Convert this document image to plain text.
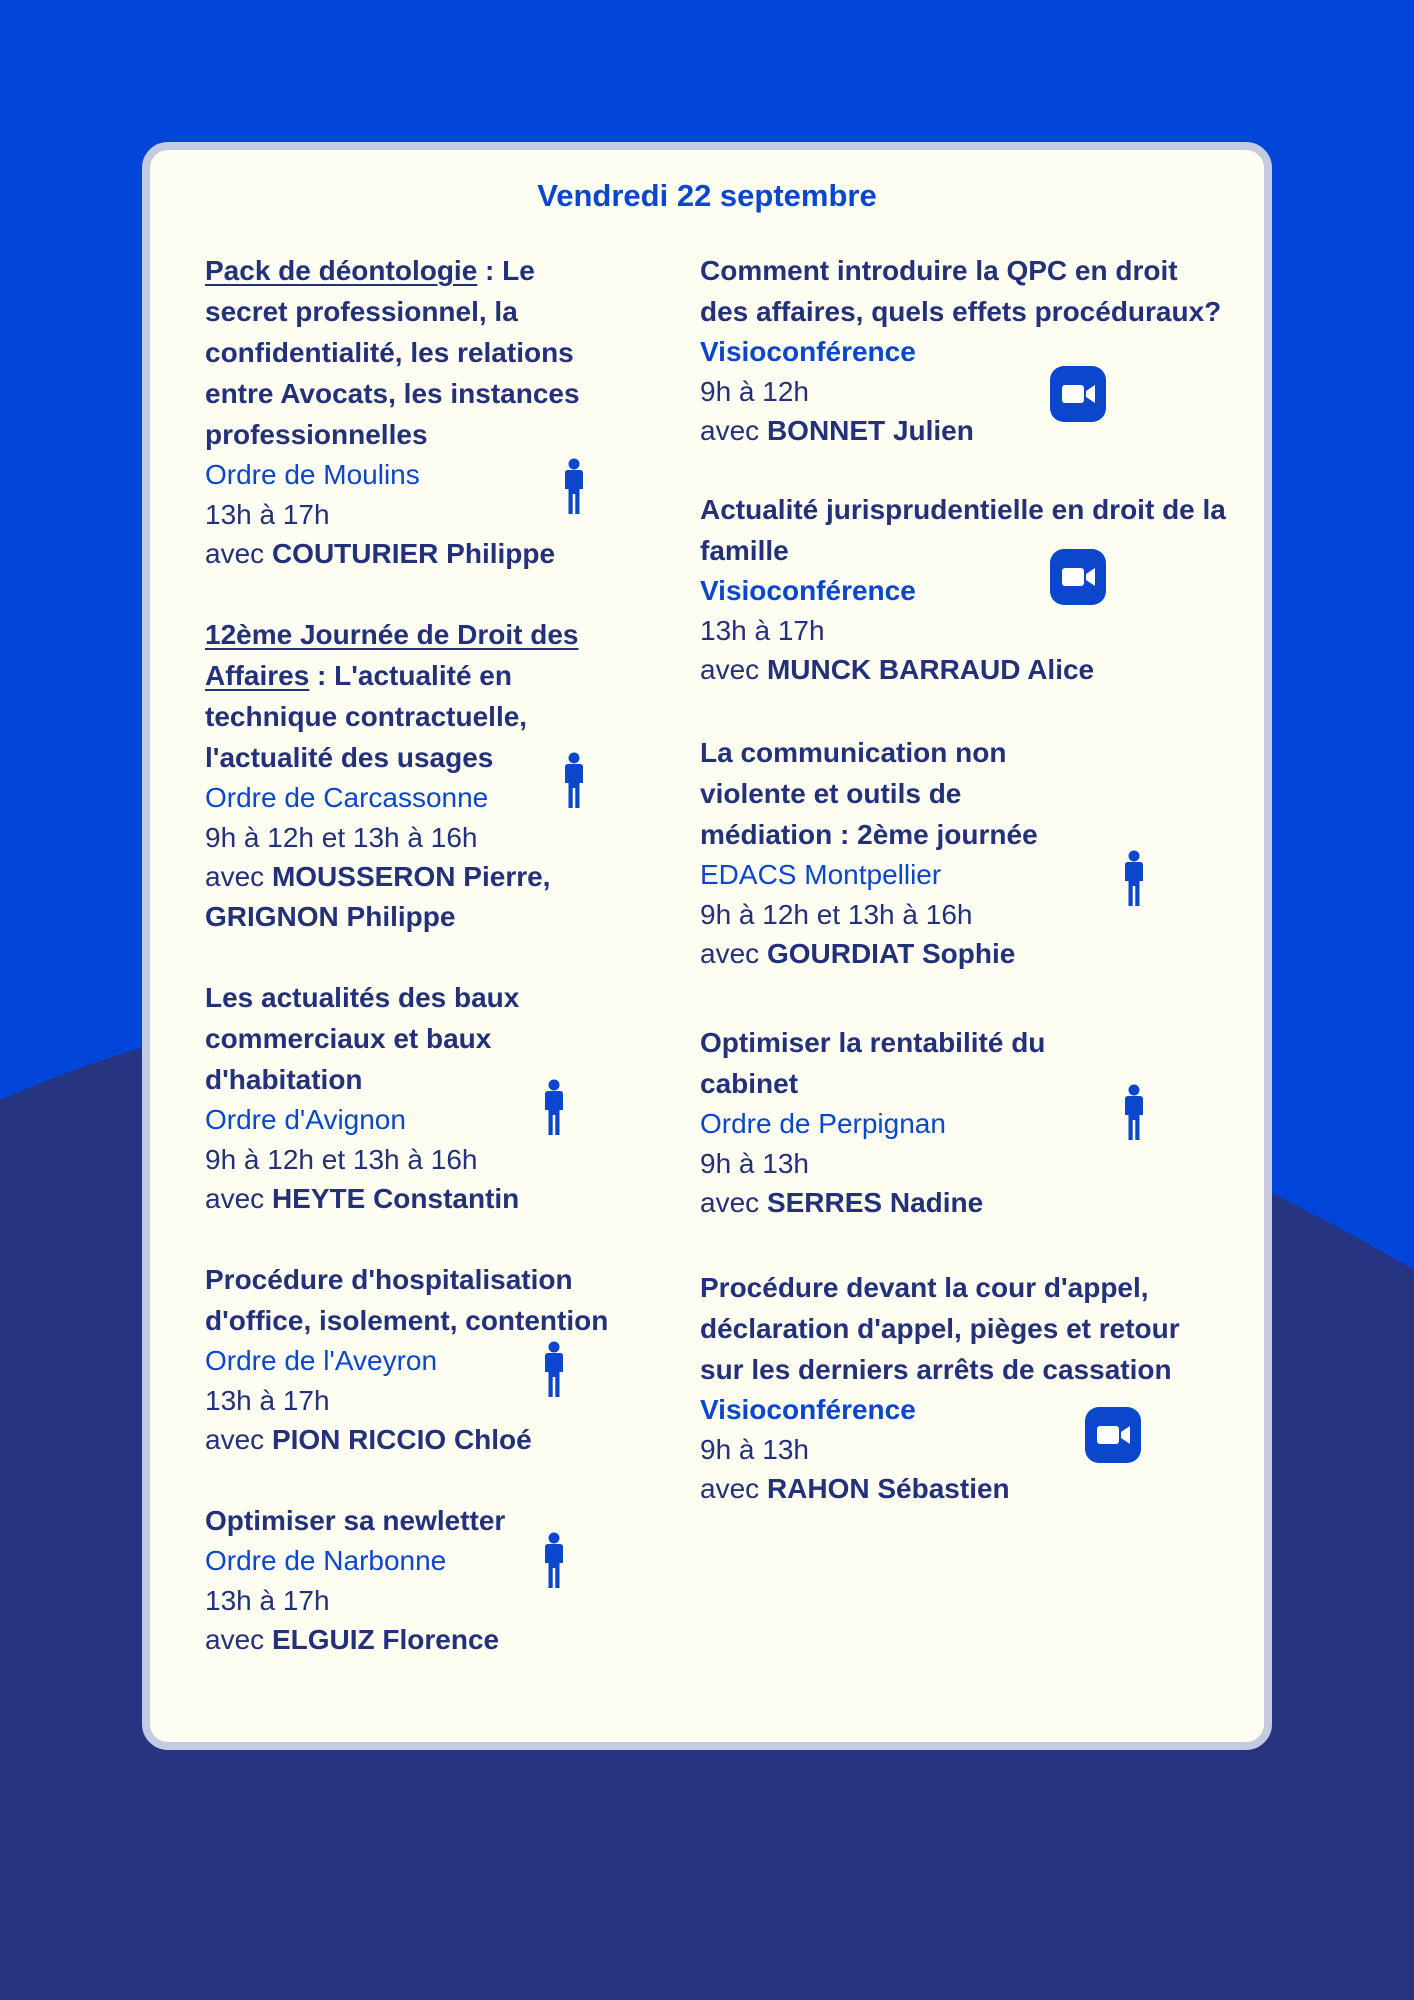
Vendredi 22 septembre
Pack de déontologie : Le secret professionnel, la confidentialité, les relations entre Avocats, les instances professionnelles
Ordre de Moulins
13h à 17h
avec COUTURIER Philippe
12ème Journée de Droit des Affaires : L'actualité en technique contractuelle, l'actualité des usages
Ordre de Carcassonne
9h à 12h et 13h à 16h
avec MOUSSERON Pierre, GRIGNON Philippe
Les actualités des baux commerciaux et baux d'habitation
Ordre d'Avignon
9h à 12h et 13h à 16h
avec HEYTE Constantin
Procédure d'hospitalisation d'office, isolement, contention
Ordre de l'Aveyron
13h à 17h
avec PION RICCIO Chloé
Optimiser sa newletter
Ordre de Narbonne
13h à 17h
avec ELGUIZ Florence
Comment introduire la QPC en droit des affaires, quels effets procéduraux?
Visioconférence
9h à 12h
avec BONNET Julien
Actualité jurisprudentielle en droit de la famille
Visioconférence
13h à 17h
avec MUNCK BARRAUD Alice
La communication non violente et outils de médiation : 2ème journée
EDACS Montpellier
9h à 12h et 13h à 16h
avec GOURDIAT Sophie
Optimiser la rentabilité du cabinet
Ordre de Perpignan
9h à 13h
avec SERRES Nadine
Procédure devant la cour d'appel, déclaration d'appel, pièges et retour sur les derniers arrêts de cassation
Visioconférence
9h à 13h
avec RAHON Sébastien
